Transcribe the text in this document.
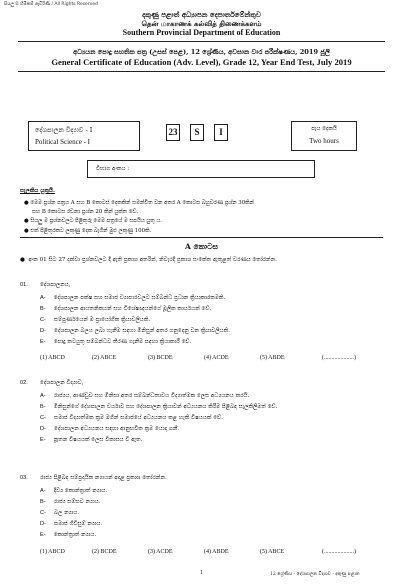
සියලු ම හිමිකම් ඇවිරිණි / All Rights Reserved
දකුණු පළාත් අධ්‍යාපන දෙපාර්තමේන්තුව
தென் மாகாணக் கல்வித் திணைக்களம்
Southern Provincial Department of Education
අධ්‍යයන පොදු සහතික පත්‍ර (උසස් පෙළ), 12 ශ්‍රේණිය, අවසාන වාර පරීක්ෂණය, 2019 ජූලි
General Certificate of Education (Adv. Level), Grade 12, Year End Test, July 2019
දේශපාලන විද්‍යාව - I
Political Science - I
23	S	I	පැය දෙකයි
Two hours
විභාග අංකය :
සැලකිය යුතුයි.
● මෙම ප්‍රශ්න පත්‍රය A සහ B කොටස් දෙකකින් සමන්විත වන අතර A කොටස බහුවරණ ප්‍රශ්න 30කින්
සහ B කොටස රචනා ප්‍රශ්න 20 කින් යුක්ත වේ.
● සියලු ම ප්‍රශ්නවලට පිළිතුරු මෙම පත්‍රයේ ම සපයිය යුතු ය.
● එක් පිළිතුරකට ලකුණු දෙක බැගින් මුළු ලකුණු 100කි.
A කොටස
●  අංක 01 සිට 27 දක්වා ප්‍රශ්නවලට දී ඇති ප්‍රකාශ අතරින්, නිවැරදි ප්‍රකාශ සංකේත ඇතුළත් වරණය තෝරන්න.
01. දේශපාලනය,
A- දේශපාලන පක්ෂ සහ සමාජ ව්‍යාපාරවලට සම්බන්ධ ප්‍රධාන ක්‍රියාකාරකමකි.
B- දේශපාලන ආයතනිකයන් සහ විශේෂඥයන්ගේ මූලික කාර්යයක් වේ.
C- සම්පූර්ණයෙන් ම ප්‍රායෝගික ක්‍රියාවලියකි.
D- දේශපාලන බලය ලබා ගැනීම සඳහා මිනිසුන් අතර ගනුදෙනු වන ක්‍රියාවලියකි.
E- පොදු කටයුතු සම්බන්ධව තීරණ ගැනීම සඳහා ක්‍රියාකාරී වේ.
(1) ABCD	(2) ABCE	(3) BCDE	(4) ACDE	(5) ABDE	(....................)
02. දේශපාලන විද්‍යාව,
A- රාජ්‍යය, ආණ්ඩුව සහ මිනිසා අතර සම්බන්ධතාවය විද්‍යාත්මක ලෙස අධ්‍යයනය කරයි.
B- මිනිසුන්ගේ දේශපාලන චර්යාව සහ දේශපාලන ක්‍රියාවන් අධ්‍යයනය කිරීම පිළිබඳ සැලකිලිමත් වේ.
C- සමාජ විද්‍යාත්මක ක්‍රම මගින් සමාජයේ අධ්‍යයනය කළ හැකි විෂයයක් වේ.
D- දේශපාලන අධ්‍යයනය සඳහා ආනුභවික ක්‍රම යොදා ගනී.
E- නූතන විෂයයක් ලෙස විකාසය වී ඇත.
03. රාජ්‍ය පිළිබඳ සම්ප්‍රදායික න්‍යායන් අදාළ ප්‍රකාශ තෝරන්න.
A- දිව්‍ය කොන්ත්‍රාත් න්‍යාය.
B- රාජ්‍ය සම්භව න්‍යාය.
C- බල න්‍යාය.
D- සමාජ ගිවිසුම් න්‍යාය.
E- කොන්ත්‍රාත් න්‍යාය.
(1) ABCD	(2) BCDE	(3) ACDE	(4) ABDE	(5) ABCE	(....................)
1	12 ශ්‍රේණිය - දේශපාලන විද්‍යාව - දකුණු පළාත
